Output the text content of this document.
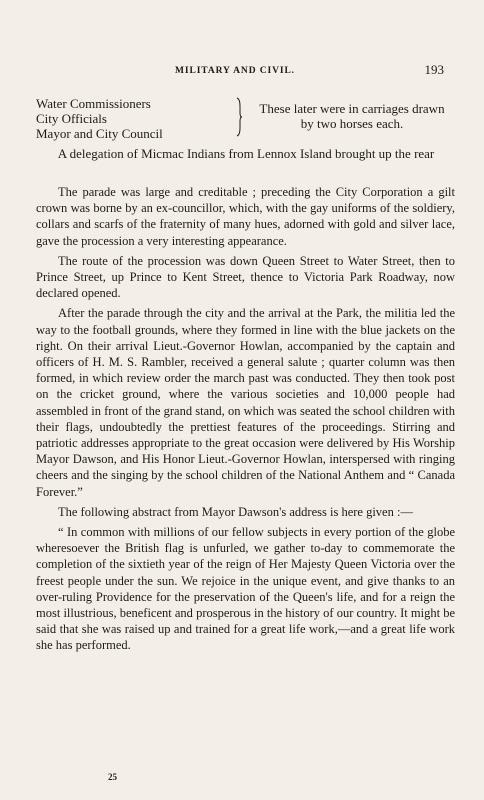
MILITARY AND CIVIL.	193
Water Commissioners
City Officials
Mayor and City Council
These later were in carriages drawn by two horses each.
A delegation of Micmac Indians from Lennox Island brought up the rear

The parade was large and creditable ; preceding the City Corporation a gilt crown was borne by an ex-councillor, which, with the gay uniforms of the soldiery, collars and scarfs of the fraternity of many hues, adorned with gold and silver lace, gave the procession a very interesting appearance.

The route of the procession was down Queen Street to Water Street, then to Prince Street, up Prince to Kent Street, thence to Victoria Park Roadway, now declared opened.

After the parade through the city and the arrival at the Park, the militia led the way to the football grounds, where they formed in line with the blue jackets on the right. On their arrival Lieut.-Governor Howlan, accompanied by the captain and officers of H. M. S. Rambler, received a general salute ; quarter column was then formed, in which review order the march past was conducted. They then took post on the cricket ground, where the various societies and 10,000 people had assembled in front of the grand stand, on which was seated the school children with their flags, undoubtedly the prettiest features of the proceedings. Stirring and patriotic addresses appropriate to the great occasion were delivered by His Worship Mayor Dawson, and His Honor Lieut.-Governor Howlan, interspersed with ringing cheers and the singing by the school children of the National Anthem and “ Canada Forever.”

The following abstract from Mayor Dawson's address is here given :—

“ In common with millions of our fellow subjects in every portion of the globe wheresoever the British flag is unfurled, we gather to-day to commemorate the completion of the sixtieth year of the reign of Her Majesty Queen Victoria over the freest people under the sun. We rejoice in the unique event, and give thanks to an over-ruling Providence for the preservation of the Queen's life, and for a reign the most illustrious, beneficent and prosperous in the history of our country. It might be said that she was raised up and trained for a great life work,—and a great life work she has performed.

25
